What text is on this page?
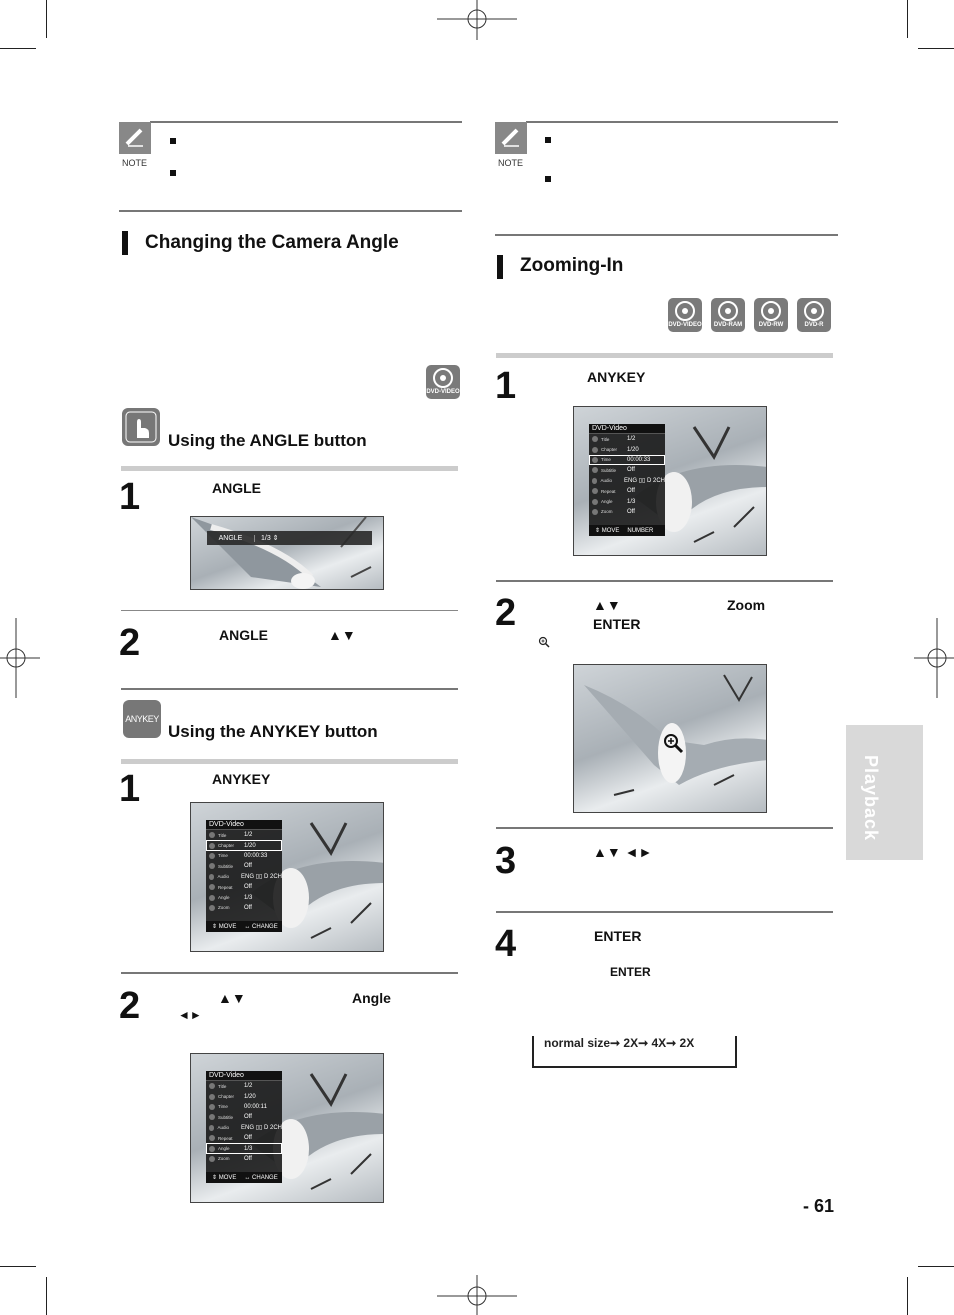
NOTE
Changing the Camera Angle
DVD-VIDEO
Using the ANGLE button
1	ANGLE
ANGLE	1/3 ⇕
2	ANGLE	▲▼
ANYKEY
Using the ANYKEY button
1	ANYKEY
DVD-Video
Title	1/2
Chapter	1/20
Time	00:00:33
Subtitle	Off
Audio	ENG ▯▯ D 2CH
Repeat	Off
Angle	1/3
Zoom	Off
⇕ MOVE ↔ CHANGE
2	▲▼	Angle
◄►
DVD-Video
Title	1/2
Chapter	1/20
Time	00:00:11
Subtitle	Off
Audio	ENG ▯▯ D 2CH
Repeat	Off
Angle	1/3
Zoom	Off
⇕ MOVE ↔ CHANGE
NOTE
Zooming-In
DVD-VIDEO DVD-RAM	DVD-RW	DVD-R
1	ANYKEY
DVD-Video
Title	1/2
Chapter	1/20
Time	00:00:33
Subtitle	Off
Audio	ENG ▯▯ D 2CH
Repeat	Off
Angle	1/3
Zoom	Off
⇕ MOVE NUMBER
2	▲▼	Zoom
ENTER
3	▲▼ ◄►
4	ENTER
ENTER
normal size➞ 2X➞ 4X➞ 2X
Playback
- 61
